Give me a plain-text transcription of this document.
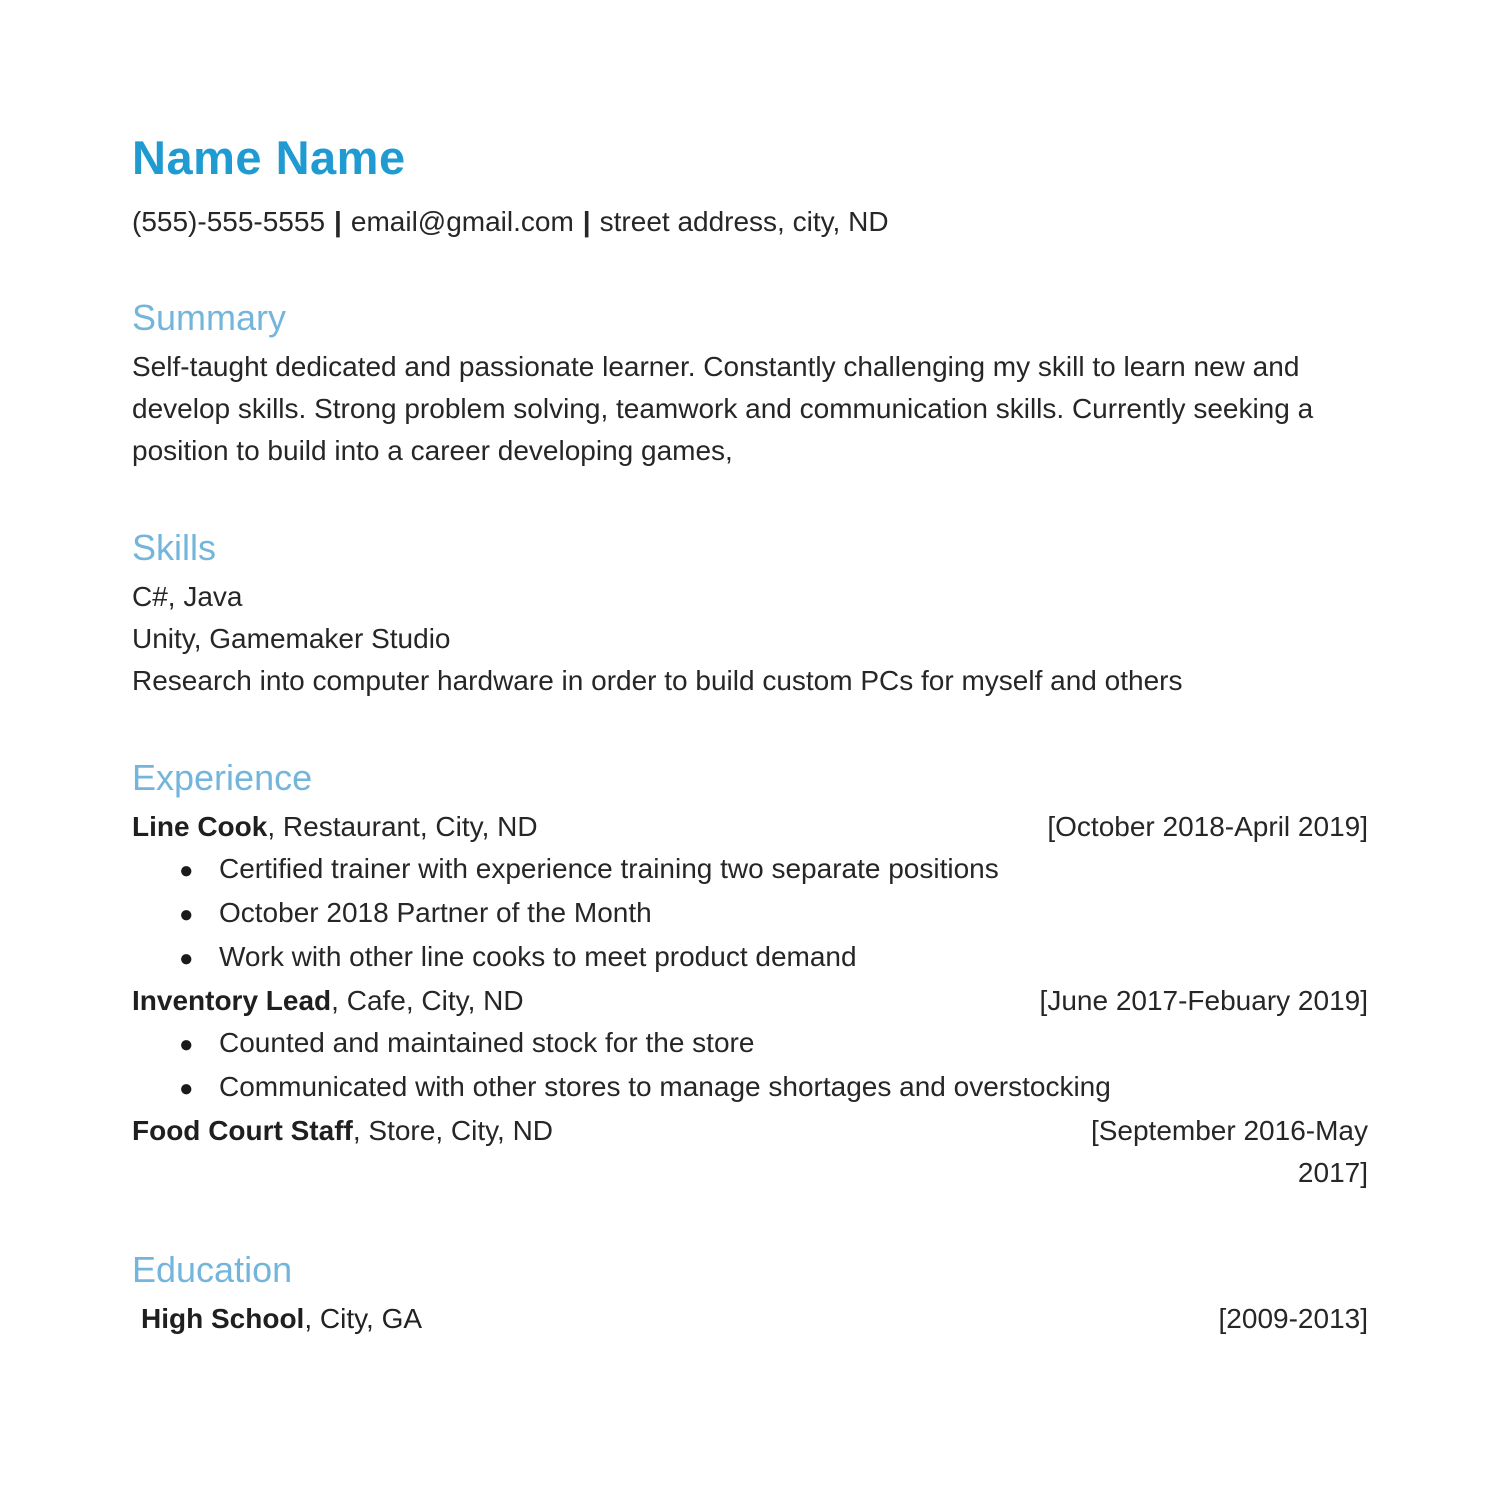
Name Name
(555)-555-5555 | email@gmail.com | street address, city, ND
Summary
Self-taught dedicated and passionate learner. Constantly challenging my skill to learn new and develop skills. Strong problem solving, teamwork and communication skills. Currently seeking a position to build into a career developing games,
Skills
C#, Java
Unity, Gamemaker Studio
Research into computer hardware in order to build custom PCs for myself and others
Experience
Line Cook, Restaurant, City, ND	[October 2018-April 2019]
● Certified trainer with experience training two separate positions
● October 2018 Partner of the Month
● Work with other line cooks to meet product demand
Inventory Lead, Cafe, City, ND	[June 2017-Febuary 2019]
● Counted and maintained stock for the store
● Communicated with other stores to manage shortages and overstocking
Food Court Staff, Store, City, ND	[September 2016-May 2017]
Education
High School, City, GA	[2009-2013]
